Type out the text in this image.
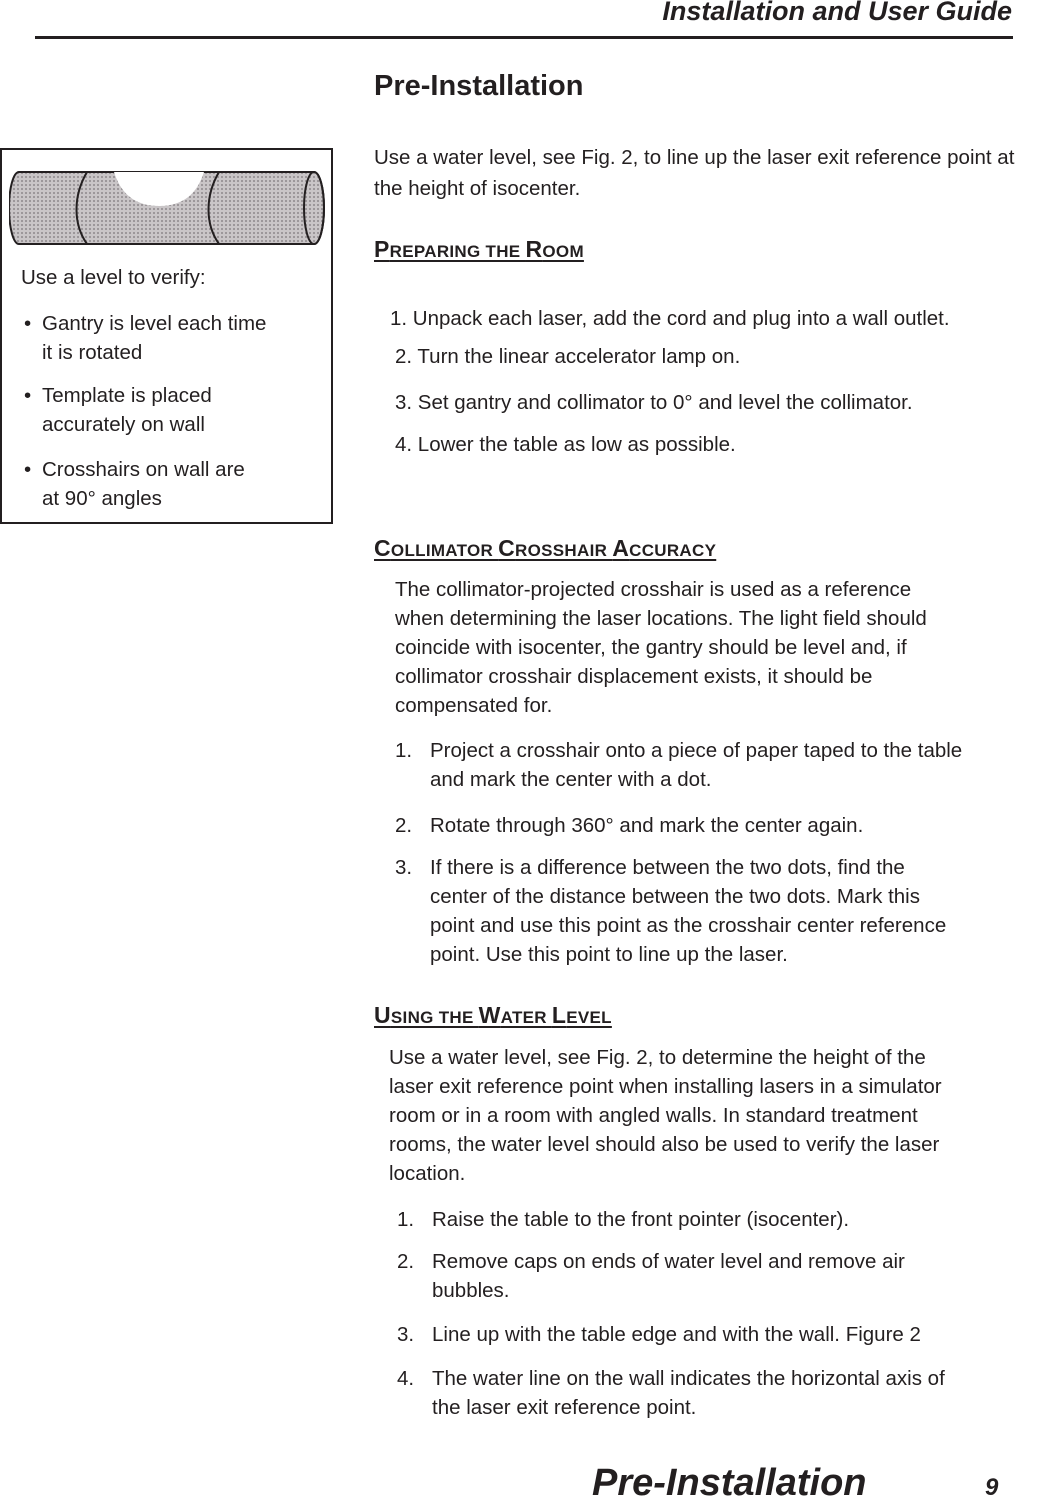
Installation and User Guide
Pre-Installation
Use a water level, see Fig. 2, to line up the laser exit reference point at the height of isocenter.
Use a level to verify:
• Gantry is level each time
it is rotated
• Template is placed
accurately on wall
• Crosshairs on wall are
at 90° angles
PREPARING THE ROOM
1. Unpack each laser, add the cord and plug into a wall outlet.
2. Turn the linear accelerator lamp on.
3. Set gantry and collimator to 0° and level the collimator.
4. Lower the table as low as possible.
COLLIMATOR CROSSHAIR ACCURACY
The collimator-projected crosshair is used as a reference
when determining the laser locations. The light field should
coincide with isocenter, the gantry should be level and, if
collimator crosshair displacement exists, it should be
compensated for.
1. Project a crosshair onto a piece of paper taped to the table
and mark the center with a dot.
2. Rotate through 360° and mark the center again.
3. If there is a difference between the two dots, find the
center of the distance between the two dots. Mark this
point and use this point as the crosshair center reference
point. Use this point to line up the laser.
USING THE WATER LEVEL
Use a water level, see Fig. 2, to determine the height of the
laser exit reference point when installing lasers in a simulator
room or in a room with angled walls. In standard treatment
rooms, the water level should also be used to verify the laser
location.
1. Raise the table to the front pointer (isocenter).
2. Remove caps on ends of water level and remove air
bubbles.
3. Line up with the table edge and with the wall. Figure 2
4. The water line on the wall indicates the horizontal axis of
the laser exit reference point.
Pre-Installation	9
